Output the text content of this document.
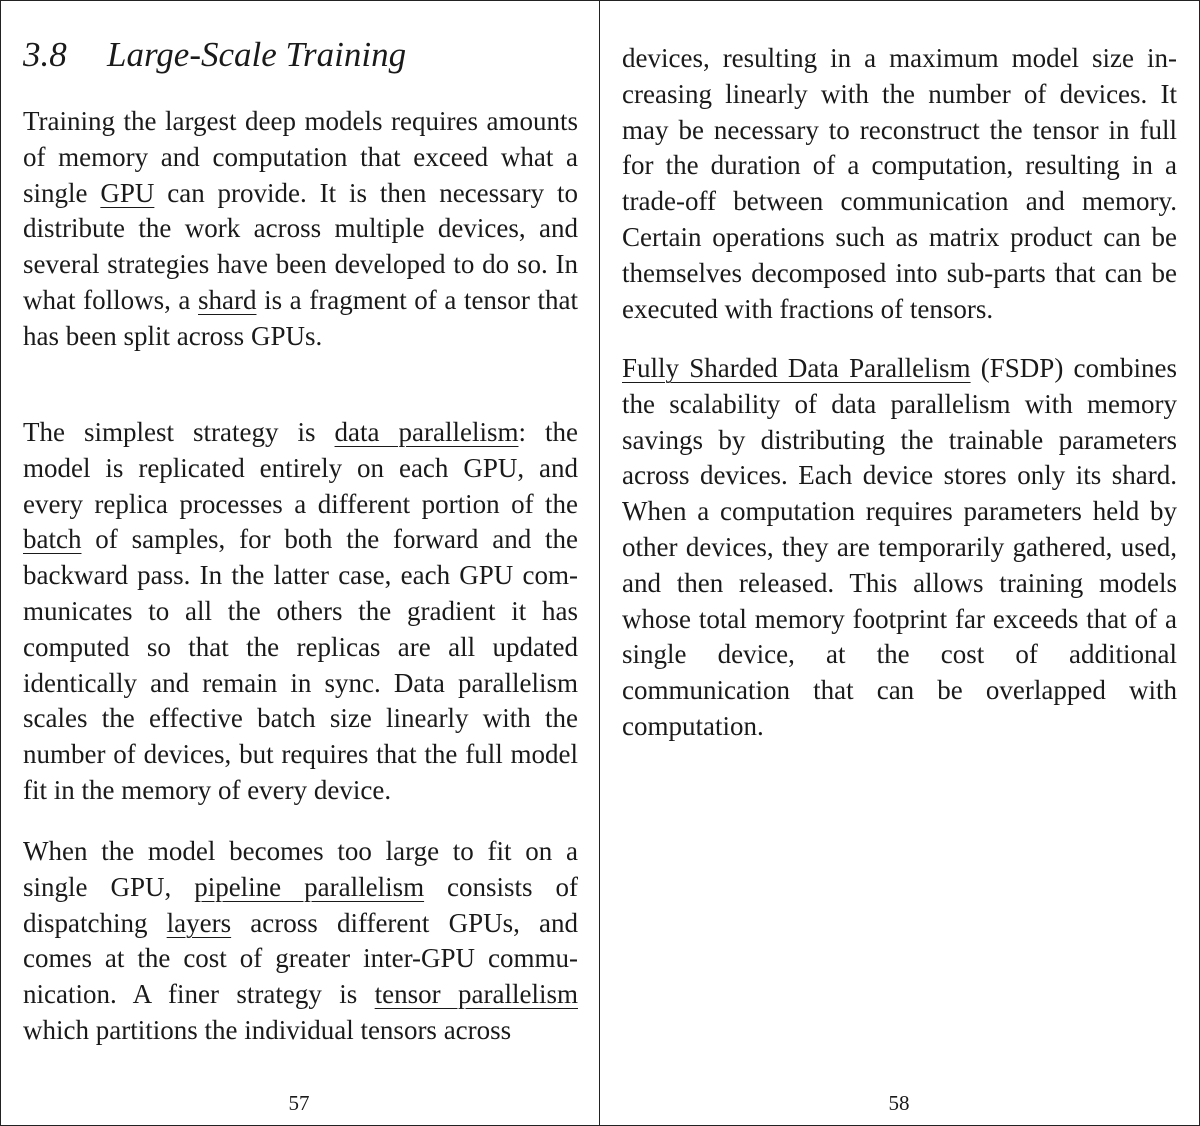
3.8 Large-Scale Training

Training the largest deep models requires amounts of memory and computation that exceed what a single GPU can provide. It is then necessary to distribute the work across multiple devices, and several strategies have been developed to do so. In what follows, a shard is a fragment of a tensor that has been split across GPUs.

The simplest strategy is data parallelism: the model is replicated entirely on each GPU, and every replica processes a different portion of the batch of samples, for both the forward and the backward pass. In the latter case, each GPU communicates to all the others the gradient it has computed so that the replicas are all updated identically and remain in sync. Data parallelism scales the effective batch size linearly with the number of devices, but requires that the full model fit in the memory of every device.

When the model becomes too large to fit on a single GPU, pipeline parallelism consists of dispatching layers across different GPUs, and comes at the cost of greater inter-GPU communication. A finer strategy is tensor parallelism which partitions the individual tensors across

57

devices, resulting in a maximum model size increasing linearly with the number of devices. It may be necessary to reconstruct the tensor in full for the duration of a computation, resulting in a trade-off between communication and memory. Certain operations such as matrix product can be themselves decomposed into sub-parts that can be executed with fractions of tensors.

Fully Sharded Data Parallelism (FSDP) combines the scalability of data parallelism with memory savings by distributing the trainable parameters across devices. Each device stores only its shard. When a computation requires parameters held by other devices, they are temporarily gathered, used, and then released. This allows training models whose total memory footprint far exceeds that of a single device, at the cost of additional communication that can be overlapped with computation.

58
